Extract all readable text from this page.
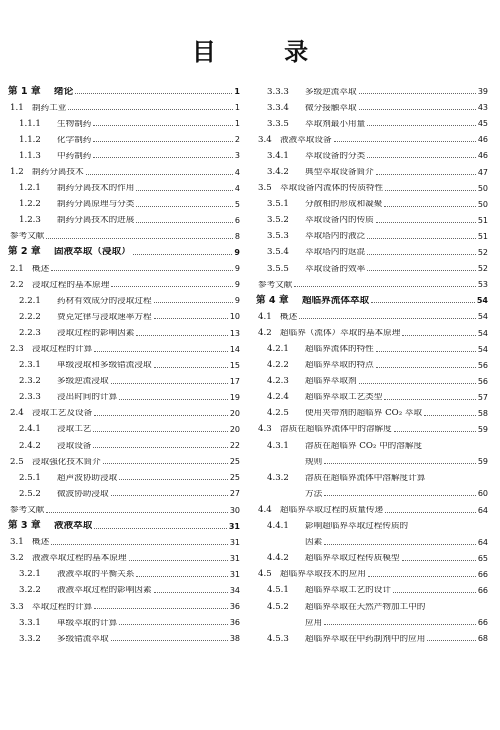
目 录
第 1 章	绪论	1
1.1 制药工业	1
1.1.1	生物制药	1
1.1.2	化学制药	2
1.1.3	中药制药	3
1.2 制药分离技术	4
1.2.1	制药分离技术的作用	4
1.2.2	制药分离原理与分类	5
1.2.3	制药分离技术的进展	6
参考文献	8
第 2 章	固液萃取（浸取）	9
2.1 概述	9
2.2 浸取过程的基本原理	9
2.2.1	药材有效成分的浸取过程	9
2.2.2	费克定律与浸取速率方程	10
2.2.3	浸取过程的影响因素	13
2.3 浸取过程的计算	14
2.3.1	单级浸取和多级错流浸取	15
2.3.2	多级逆流浸取	17
2.3.3	浸出时间的计算	19
2.4 浸取工艺及设备	20
2.4.1	浸取工艺	20
2.4.2	浸取设备	22
2.5 浸取强化技术简介	25
2.5.1	超声波协助浸取	25
2.5.2	微波协助浸取	27
参考文献	30
第 3 章	液液萃取	31
3.1 概述	31
3.2 液液萃取过程的基本原理	31
3.2.1	液液萃取的平衡关系	31
3.2.2	液液萃取过程的影响因素	34
3.3 萃取过程的计算	36
3.3.1	单级萃取的计算	36
3.3.2	多级错流萃取	38
3.3.3	多级逆流萃取	39
3.3.4	微分接触萃取	43
3.3.5	萃取剂最小用量	45
3.4 液液萃取设备	46
3.4.1	萃取设备的分类	46
3.4.2	典型萃取设备简介	47
3.5 萃取设备内流体的传质特性	50
3.5.1	分散相的形成和凝聚	50
3.5.2	萃取设备内的传质	51
3.5.3	萃取塔内的液泛	51
3.5.4	萃取塔内的返混	52
3.5.5	萃取设备的效率	52
参考文献	53
第 4 章	超临界流体萃取	54
4.1 概述	54
4.2 超临界（流体）萃取的基本原理	54
4.2.1	超临界流体的特性	54
4.2.2	超临界萃取的特点	56
4.2.3	超临界萃取剂	56
4.2.4	超临界萃取工艺类型	57
4.2.5	使用夹带剂的超临界 CO₂ 萃取	58
4.3 溶质在超临界流体中的溶解度	59
4.3.1	溶质在超临界 CO₂ 中的溶解度
规则	59
4.3.2	溶质在超临界流体中溶解度计算
方法	60
4.4 超临界萃取过程的质量传递	64
4.4.1	影响超临界萃取过程传质的
因素	64
4.4.2	超临界萃取过程传质模型	65
4.5 超临界萃取技术的应用	66
4.5.1	超临界萃取工艺的设计	66
4.5.2	超临界萃取在天然产物加工中的
应用	66
4.5.3	超临界萃取在中药制剂中的应用	68
